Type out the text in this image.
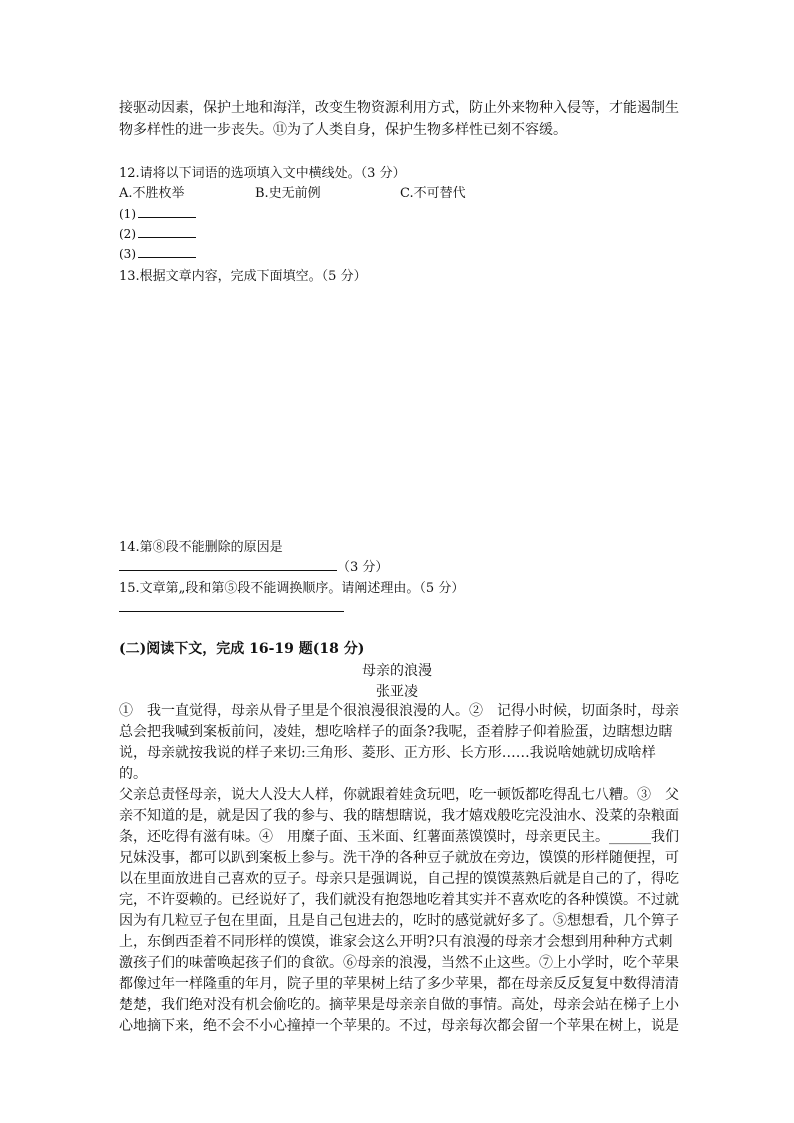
接驱动因素，保护土地和海洋，改变生物资源利用方式，防止外来物种入侵等，才能遏制生
物多样性的进一步丧失。⑪为了人类自身，保护生物多样性已刻不容缓。
12.请将以下词语的选项填入文中横线处。（3 分）
A.不胜枚举	B.史无前例	C.不可替代
(1)
(2)
(3)
13.根据文章内容，完成下面填空。（5 分）
14.第⑧段不能删除的原因是
（3 分）
15.文章第„段和第⑤段不能调换顺序。请阐述理由。（5 分）
(二)阅读下文，完成 16-19 题(18 分)
母亲的浪漫
张亚凌
①　我一直觉得，母亲从骨子里是个很浪漫很浪漫的人。②　记得小时候，切面条时，母亲
总会把我喊到案板前问，凌娃，想吃啥样子的面条?我呢，歪着脖子仰着脸蛋，边瞎想边瞎
说，母亲就按我说的样子来切:三角形、菱形、正方形、长方形……我说啥她就切成啥样的。
父亲总责怪母亲，说大人没大人样，你就跟着娃贪玩吧，吃一顿饭都吃得乱七八糟。③　父
亲不知道的是，就是因了我的参与、我的瞎想瞎说，我才嬉戏般吃完没油水、没菜的杂粮面
条，还吃得有滋有味。④　用糜子面、玉米面、红薯面蒸馍馍时，母亲更民主。______我们
兄妹没事，都可以趴到案板上参与。洗干净的各种豆子就放在旁边，馍馍的形样随便捏，可
以在里面放进自己喜欢的豆子。母亲只是强调说，自己捏的馍馍蒸熟后就是自己的了，得吃
完，不许耍赖的。已经说好了，我们就没有抱怨地吃着其实并不喜欢吃的各种馍馍。不过就
因为有几粒豆子包在里面，且是自己包进去的，吃时的感觉就好多了。⑤想想看，几个箅子
上，东倒西歪着不同形样的馍馍，谁家会这么开明?只有浪漫的母亲才会想到用种种方式刺
激孩子们的味蕾唤起孩子们的食欲。⑥母亲的浪漫，当然不止这些。⑦上小学时，吃个苹果
都像过年一样隆重的年月，院子里的苹果树上结了多少苹果，都在母亲反反复复中数得清清
楚楚，我们绝对没有机会偷吃的。摘苹果是母亲亲自做的事情。高处，母亲会站在梯子上小
心地摘下来，绝不会不小心撞掉一个苹果的。不过，母亲每次都会留一个苹果在树上，说是
